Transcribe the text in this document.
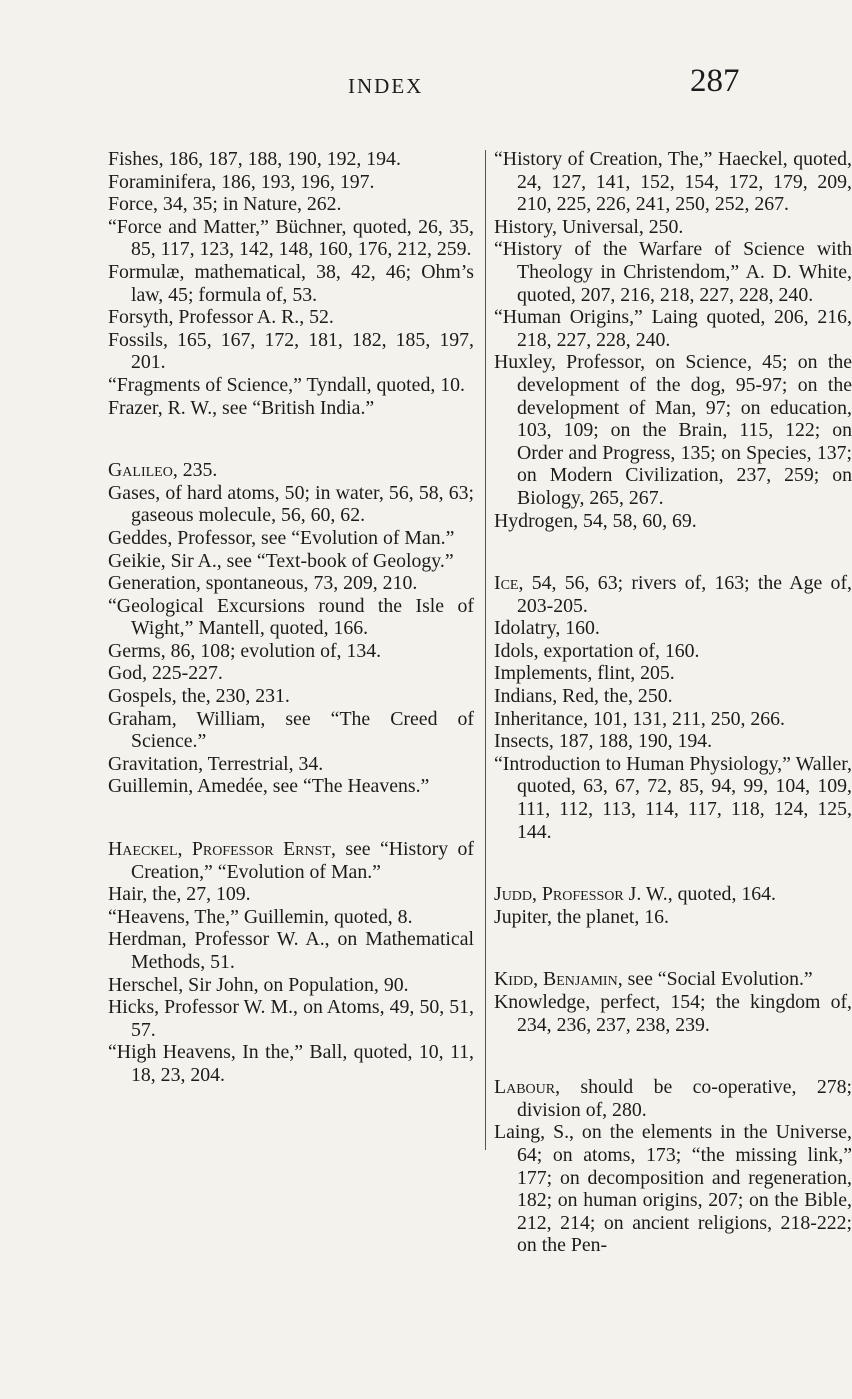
INDEX	287

Fishes, 186, 187, 188, 190, 192, 194.

Foraminifera, 186, 193, 196, 197.

Force, 34, 35; in Nature, 262.

“Force and Matter,” Büchner, quoted, 26, 35, 85, 117, 123, 142, 148, 160, 176, 212, 259.

Formulæ, mathematical, 38, 42, 46; Ohm’s law, 45; formula of, 53.

Forsyth, Professor A. R., 52.

Fossils, 165, 167, 172, 181, 182, 185, 197, 201.

“Fragments of Science,” Tyndall, quoted, 10.

Frazer, R. W., see “British India.”

Galileo, 235.

Gases, of hard atoms, 50; in water, 56, 58, 63; gaseous molecule, 56, 60, 62.

Geddes, Professor, see “Evolution of Man.”

Geikie, Sir A., see “Text-book of Geology.”

Generation, spontaneous, 73, 209, 210.

“Geological Excursions round the Isle of Wight,” Mantell, quoted, 166.

Germs, 86, 108; evolution of, 134.

God, 225-227.

Gospels, the, 230, 231.

Graham, William, see “The Creed of Science.”

Gravitation, Terrestrial, 34.

Guillemin, Amedée, see “The Heavens.”

Haeckel, Professor Ernst, see “History of Creation,” “Evolution of Man.”

Hair, the, 27, 109.

“Heavens, The,” Guillemin, quoted, 8.

Herdman, Professor W. A., on Mathematical Methods, 51.

Herschel, Sir John, on Population, 90.

Hicks, Professor W. M., on Atoms, 49, 50, 51, 57.

“High Heavens, In the,” Ball, quoted, 10, 11, 18, 23, 204.

“History of Creation, The,” Haeckel, quoted, 24, 127, 141, 152, 154, 172, 179, 209, 210, 225, 226, 241, 250, 252, 267.

History, Universal, 250.

“History of the Warfare of Science with Theology in Christendom,” A. D. White, quoted, 207, 216, 218, 227, 228, 240.

“Human Origins,” Laing quoted, 206, 216, 218, 227, 228, 240.

Huxley, Professor, on Science, 45; on the development of the dog, 95-97; on the development of Man, 97; on education, 103, 109; on the Brain, 115, 122; on Order and Progress, 135; on Species, 137; on Modern Civilization, 237, 259; on Biology, 265, 267.

Hydrogen, 54, 58, 60, 69.

Ice, 54, 56, 63; rivers of, 163; the Age of, 203-205.

Idolatry, 160.

Idols, exportation of, 160.

Implements, flint, 205.

Indians, Red, the, 250.

Inheritance, 101, 131, 211, 250, 266.

Insects, 187, 188, 190, 194.

“Introduction to Human Physiology,” Waller, quoted, 63, 67, 72, 85, 94, 99, 104, 109, 111, 112, 113, 114, 117, 118, 124, 125, 144.

Judd, Professor J. W., quoted, 164.

Jupiter, the planet, 16.

Kidd, Benjamin, see “Social Evolution.”

Knowledge, perfect, 154; the kingdom of, 234, 236, 237, 238, 239.

Labour, should be co-operative, 278; division of, 280.

Laing, S., on the elements in the Universe, 64; on atoms, 173; “the missing link,” 177; on decomposition and regeneration, 182; on human origins, 207; on the Bible, 212, 214; on ancient religions, 218-222; on the Pen-
